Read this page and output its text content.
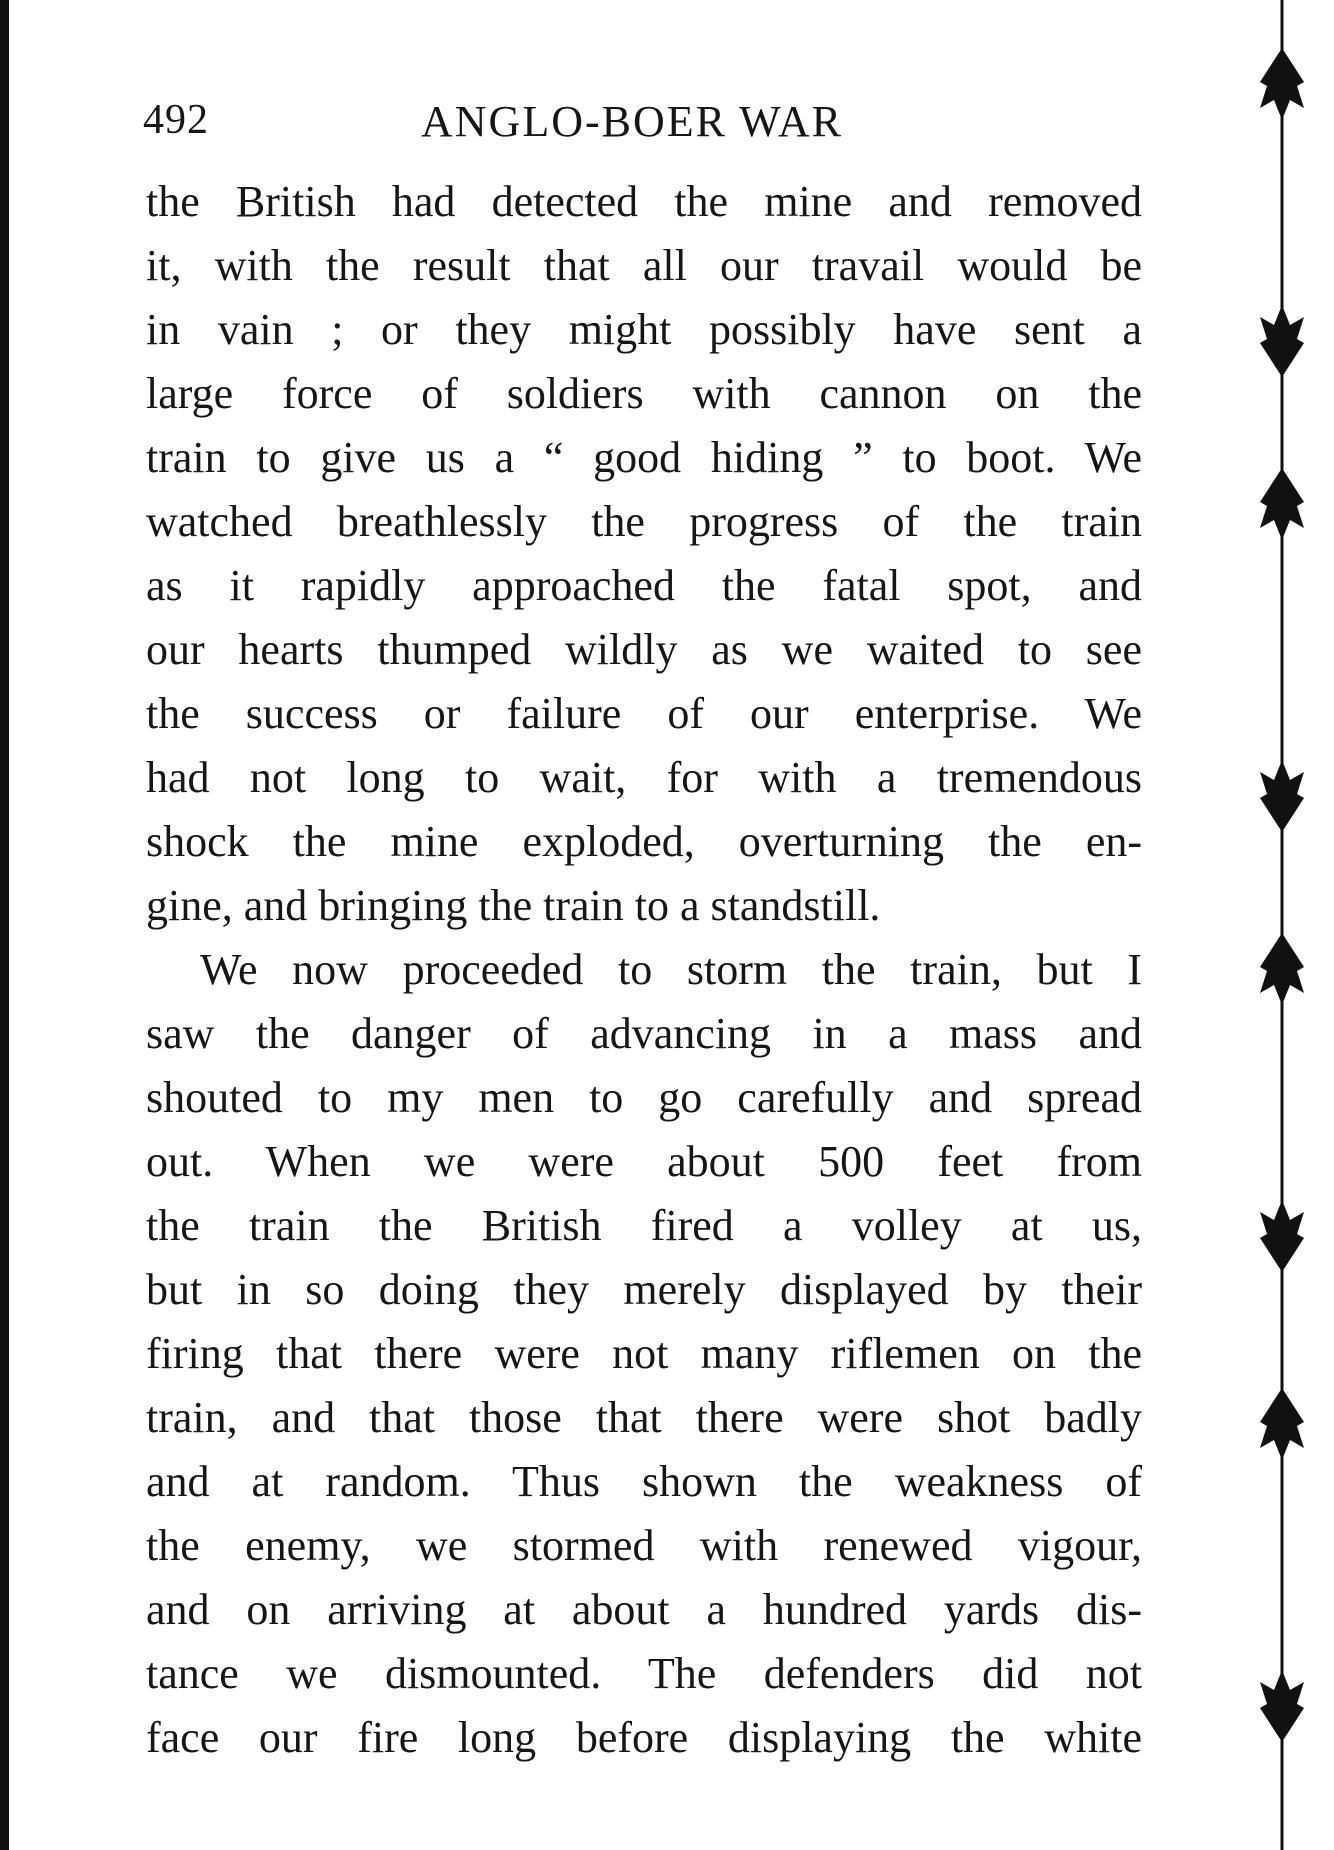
492	ANGLO-BOER WAR
the British had detected the mine and removed
it, with the result that all our travail would be
in vain ; or they might possibly have sent a
large force of soldiers with cannon on the
train to give us a “ good hiding ” to boot. We
watched breathlessly the progress of the train
as it rapidly approached the fatal spot, and
our hearts thumped wildly as we waited to see
the success or failure of our enterprise. We
had not long to wait, for with a tremendous
shock the mine exploded, overturning the en-
gine, and bringing the train to a standstill.
We now proceeded to storm the train, but I
saw the danger of advancing in a mass and
shouted to my men to go carefully and spread
out. When we were about 500 feet from
the train the British fired a volley at us,
but in so doing they merely displayed by their
firing that there were not many riflemen on the
train, and that those that there were shot badly
and at random. Thus shown the weakness of
the enemy, we stormed with renewed vigour,
and on arriving at about a hundred yards dis-
tance we dismounted. The defenders did not
face our fire long before displaying the white
